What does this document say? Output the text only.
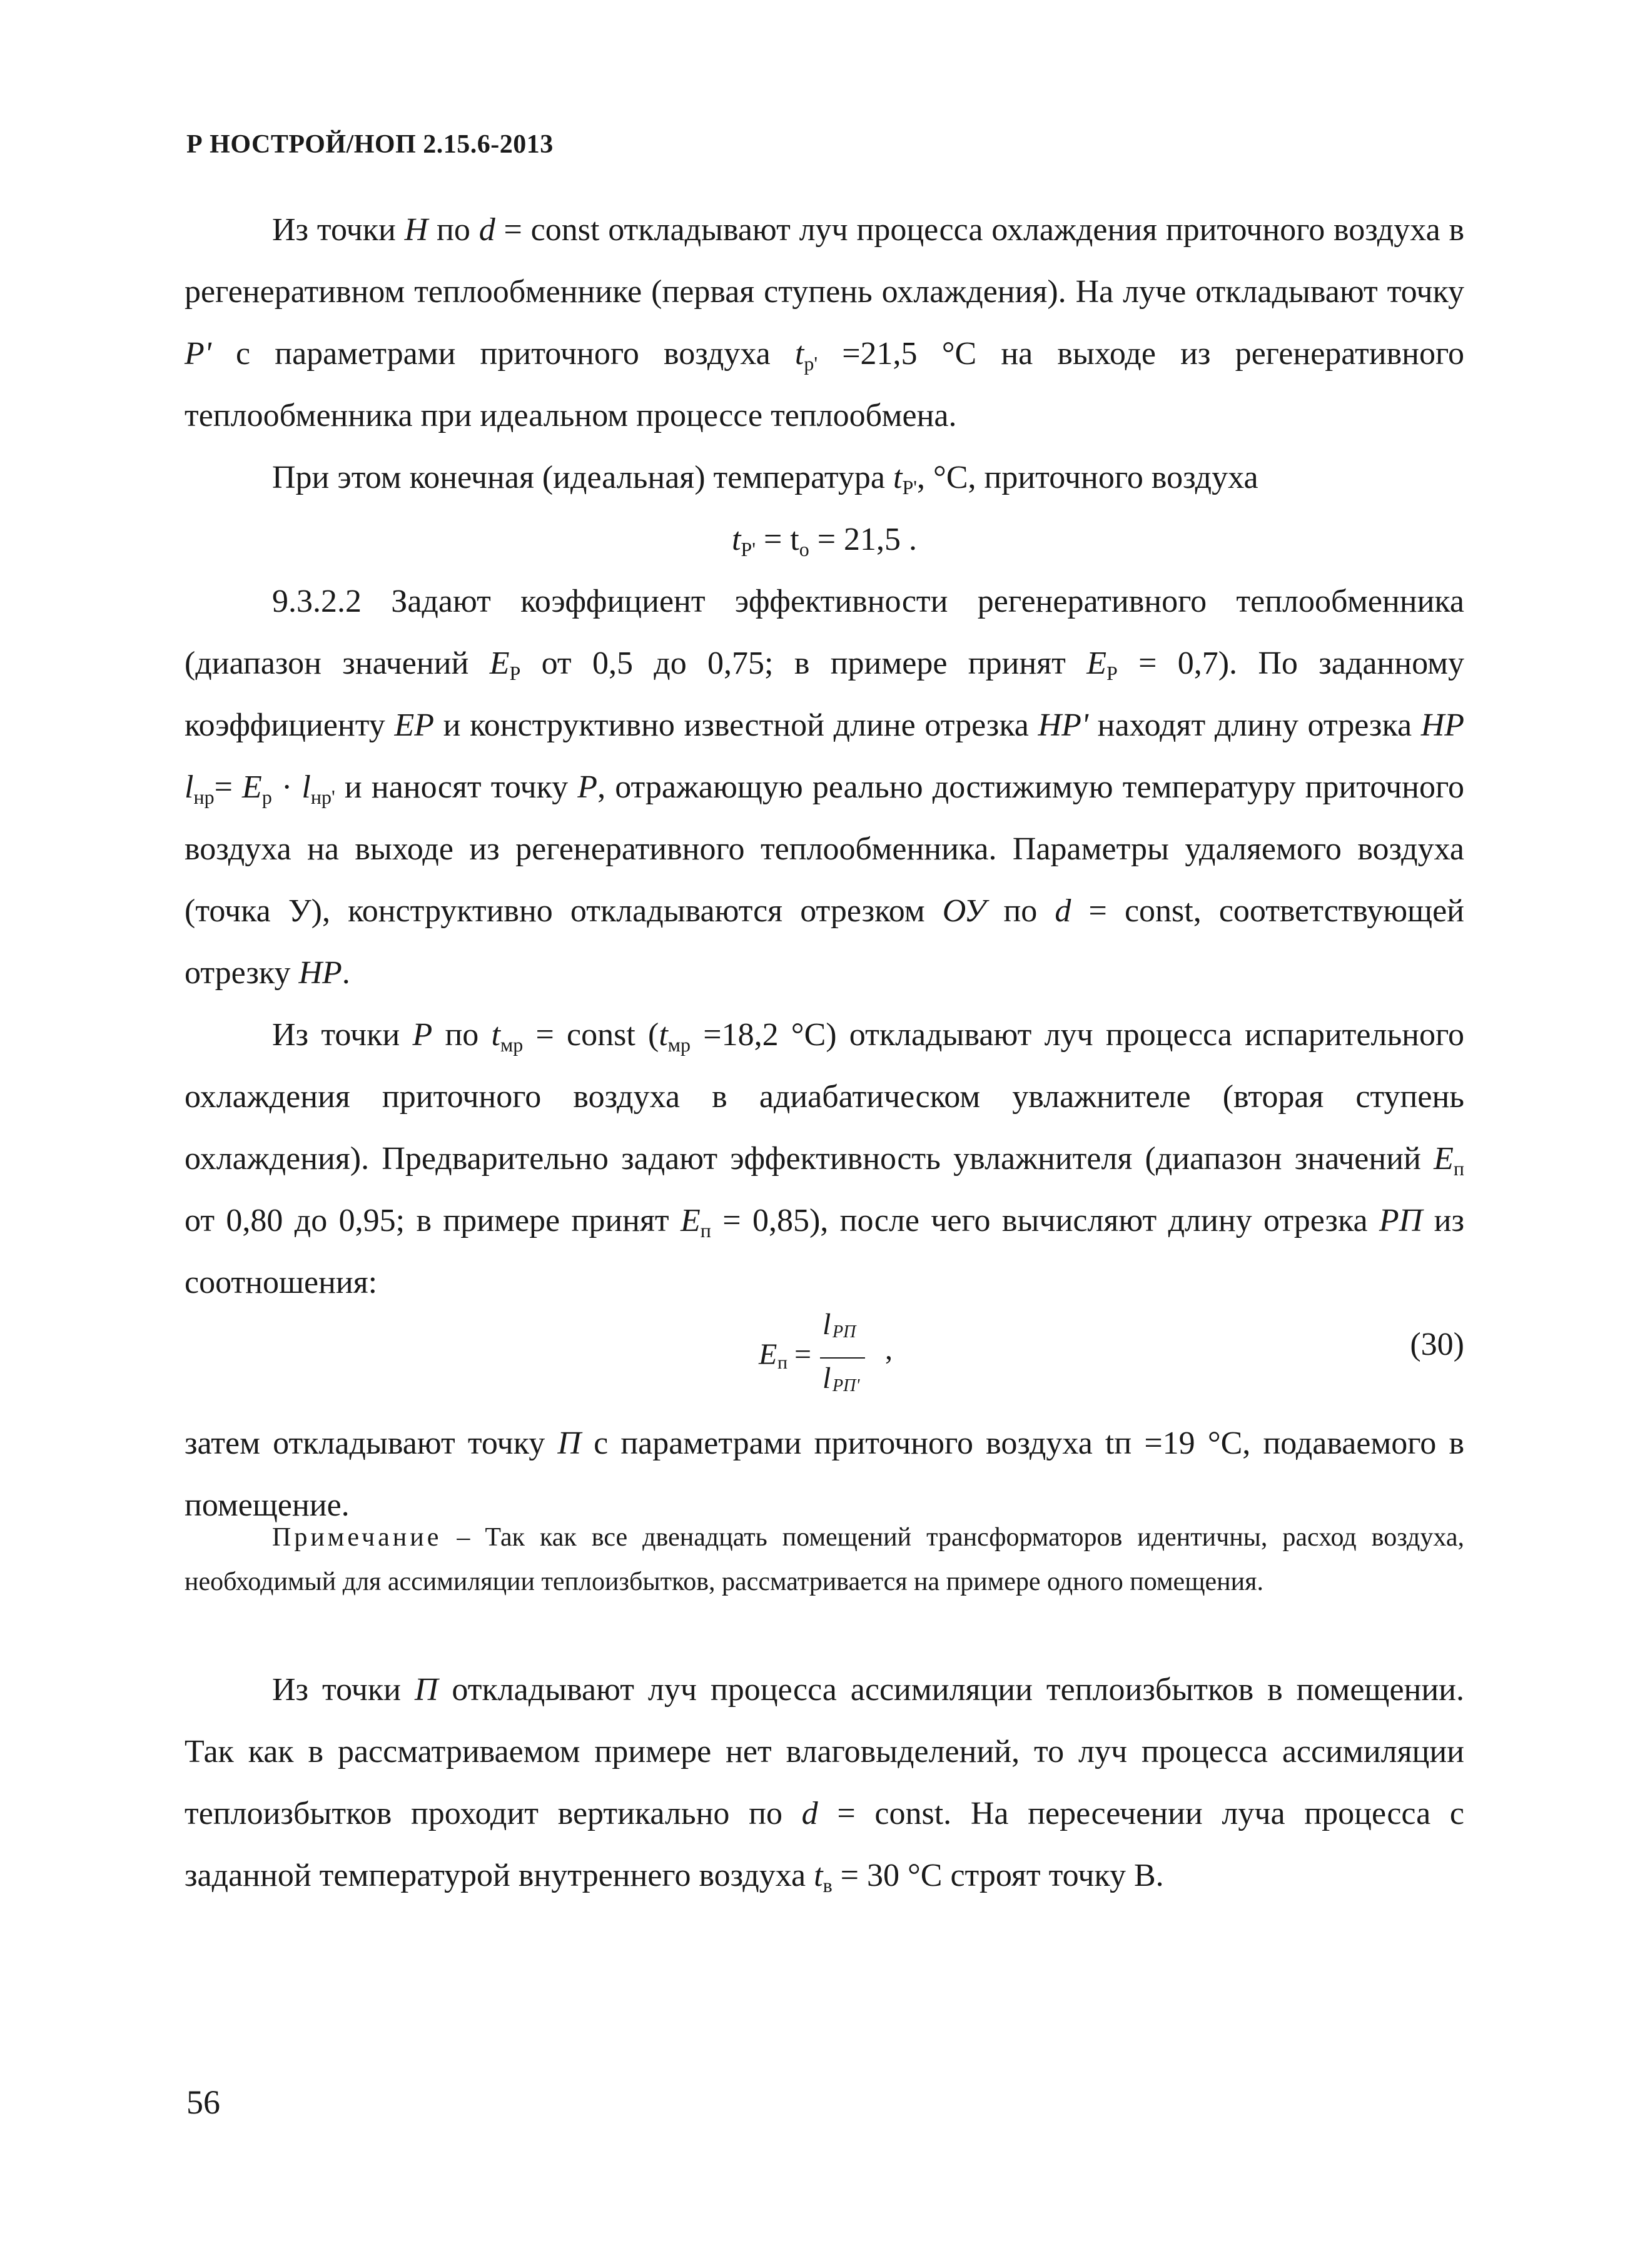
Р НОСТРОЙ/НОП 2.15.6-2013

Из точки Н по d = const откладывают луч процесса охлаждения приточного воздуха в регенеративном теплообменнике (первая ступень охлаждения). На луче откладывают точку P' с параметрами приточного воздуха $t_{р'} =21,5$ °С на выходе из регенеративного теплообменника при идеальном процессе теплообмена.

При этом конечная (идеальная) температура $t_{Р'}$, °С, приточного воздуха

$t_{Р'} = t_о = 21,5$ .

9.3.2.2 Задают коэффициент эффективности регенеративного теплообменника (диапазон значений $Е_Р$ от 0,5 до 0,75; в примере принят $Е_Р = 0,7$). По заданному коэффициенту ЕР и конструктивно известной длине отрезка НР' находят длину отрезка НР $l_{нр}= Е_р \cdot l_{нр'}$ и наносят точку Р, отражающую реально достижимую температуру приточного воздуха на выходе из регенеративного теплообменника. Параметры удаляемого воздуха (точка У), конструктивно откладываются отрезком ОУ по d = const, соответствующей отрезку НР.

Из точки Р по $t_{мр}$ = const ($t_{мр} =18,2$ °С) откладывают луч процесса испарительного охлаждения приточного воздуха в адиабатическом увлажнителе (вторая ступень охлаждения). Предварительно задают эффективность увлажнителя (диапазон значений $Е_п$ от 0,80 до 0,95; в примере принят $Е_п = 0,85$), после чего вычисляют длину отрезка РП из соотношения:

Е п =
l РП
l РП'
,	(30)

затем откладывают точку П с параметрами приточного воздуха tп =19 °С, подаваемого в помещение.

Примечание – Так как все двенадцать помещений трансформаторов идентичны, расход воздуха, необходимый для ассимиляции теплоизбытков, рассматривается на примере одного помещения.

Из точки П откладывают луч процесса ассимиляции теплоизбытков в помещении. Так как в рассматриваемом примере нет влаговыделений, то луч процесса ассимиляции теплоизбытков проходит вертикально по d = const. На пересечении луча процесса с заданной температурой внутреннего воздуха $t_в = 30$ °С строят точку В.

56
